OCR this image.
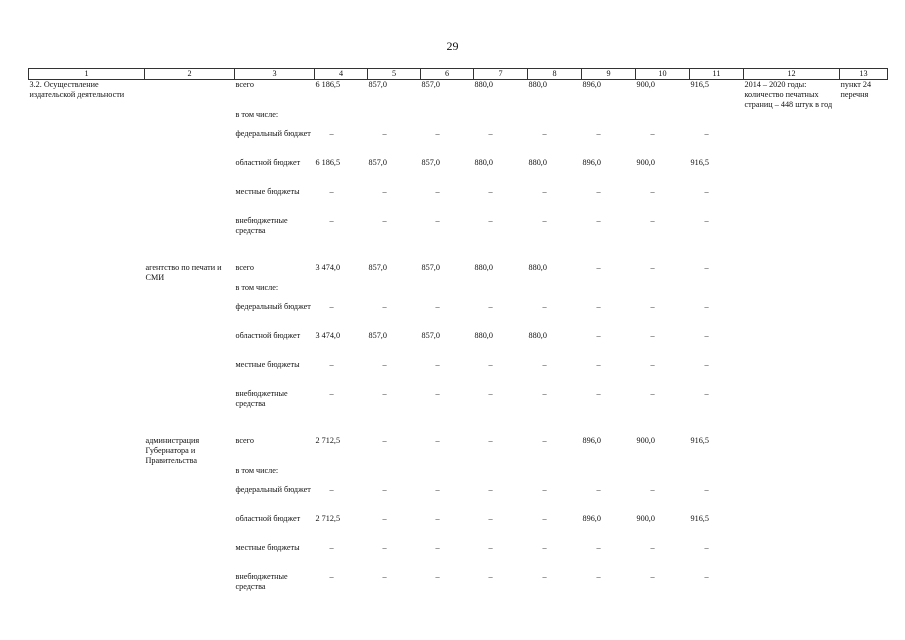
29
1	2	3	4	5	6	7	8	9	10	11	12	13
3.2. Осуществление издательской деятельности		всего	6 186,5	857,0	857,0	880,0	880,0	896,0	900,0	916,5	2014 – 2020 годы: количество печатных страниц – 448 штук в год	пункт 24 перечня
		в том числе:										
		федеральный бюджет	–	–	–	–	–	–	–	–		
		областной бюджет	6 186,5	857,0	857,0	880,0	880,0	896,0	900,0	916,5		
		местные бюджеты	–	–	–	–	–	–	–	–		
		внебюджетные средства	–	–	–	–	–	–	–	–		

	агентство по печати и СМИ	всего	3 474,0	857,0	857,0	880,0	880,0	–	–	–		
		в том числе:										
		федеральный бюджет	–	–	–	–	–	–	–	–		
		областной бюджет	3 474,0	857,0	857,0	880,0	880,0	–	–	–		
		местные бюджеты	–	–	–	–	–	–	–	–		
		внебюджетные средства	–	–	–	–	–	–	–	–		

	администрация Губернатора и Правительства	всего	2 712,5	–	–	–	–	896,0	900,0	916,5		
		в том числе:										
		федеральный бюджет	–	–	–	–	–	–	–	–		
		областной бюджет	2 712,5	–	–	–	–	896,0	900,0	916,5		
		местные бюджеты	–	–	–	–	–	–	–	–		
		внебюджетные средства	–	–	–	–	–	–	–	–		
